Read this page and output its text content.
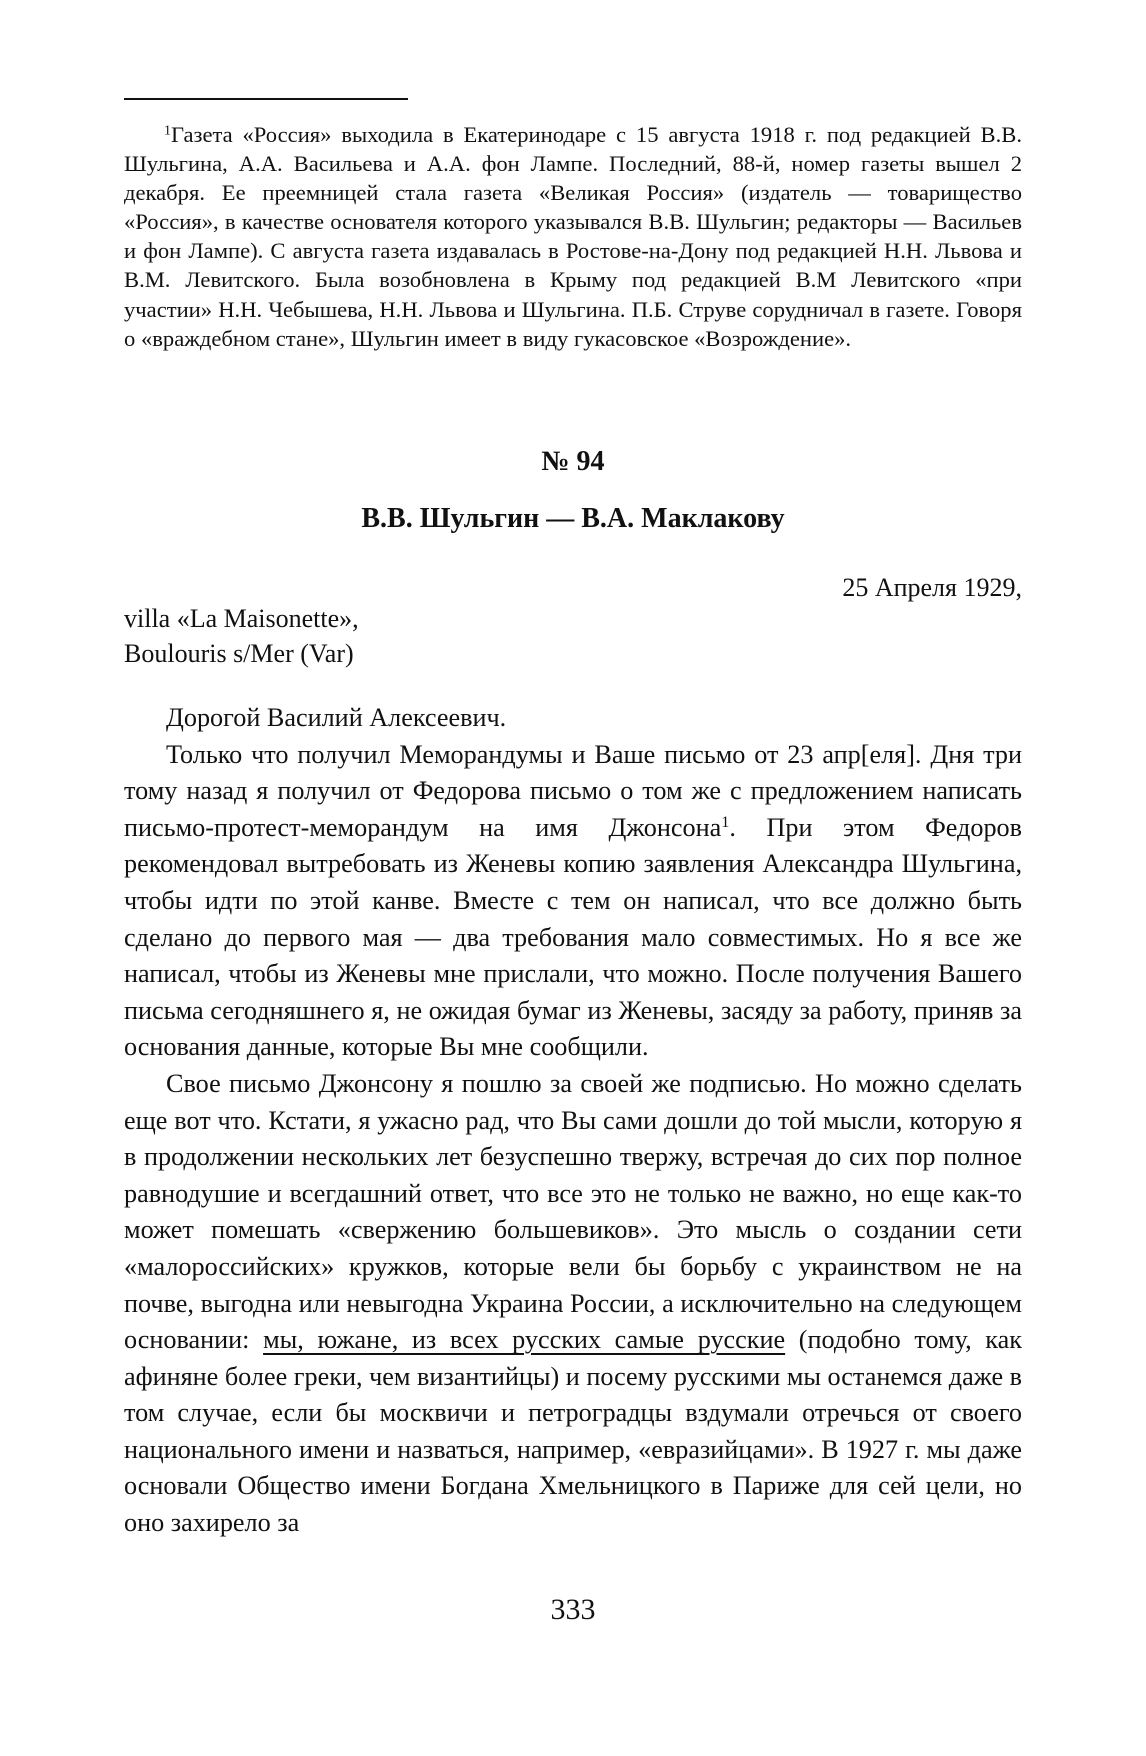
$^1$Газета «Россия» выходила в Екатеринодаре с 15 августа 1918 г. под редакцией В.В. Шульгина, А.А. Васильева и А.А. фон Лампе. Последний, 88-й, номер газеты вышел 2 декабря. Ее преемницей стала газета «Великая Россия» (издатель — товарищество «Россия», в качестве основателя которого указывался В.В. Шульгин; редакторы — Васильев и фон Лампе). С августа газета издавалась в Ростове-на-Дону под редакцией Н.Н. Львова и В.М. Левитского. Была возобновлена в Крыму под редакцией В.М Левитского «при участии» Н.Н. Чебышева, Н.Н. Львова и Шульгина. П.Б. Струве сорудничал в газете. Говоря о «враждебном стане», Шульгин имеет в виду гукасовское «Возрождение».

№ 94
В.В. Шульгин — В.А. Маклакову

25 Апреля 1929,

villa «La Maisonette»,
Boulouris s/Mer (Var)

Дорогой Василий Алексеевич.

Только что получил Меморандумы и Ваше письмо от 23 апр[еля]. Дня три тому назад я получил от Федорова письмо о том же с предложением написать письмо-протест-меморандум на имя Джонсона$^1$. При этом Федоров рекомендовал вытребовать из Женевы копию заявления Александра Шульгина, чтобы идти по этой канве. Вместе с тем он написал, что все должно быть сделано до первого мая — два требования мало совместимых. Но я все же написал, чтобы из Женевы мне прислали, что можно. После получения Вашего письма сегодняшнего я, не ожидая бумаг из Женевы, засяду за работу, приняв за основания данные, которые Вы мне сообщили.

Свое письмо Джонсону я пошлю за своей же подписью. Но можно сделать еще вот что. Кстати, я ужасно рад, что Вы сами дошли до той мысли, которую я в продолжении нескольких лет безуспешно твержу, встречая до сих пор полное равнодушие и всегдашний ответ, что все это не только не важно, но еще как-то может помешать «свержению большевиков». Это мысль о создании сети «малороссийских» кружков, которые вели бы борьбу с украинством не на почве, выгодна или невыгодна Украина России, а исключительно на следующем основании: мы, южане, из всех русских самые русские (подобно тому, как афиняне более греки, чем византийцы) и посему русскими мы останемся даже в том случае, если бы москвичи и петроградцы вздумали отречься от своего национального имени и назваться, например, «евразийцами». В 1927 г. мы даже основали Общество имени Богдана Хмельницкого в Париже для сей цели, но оно захирело за

333
